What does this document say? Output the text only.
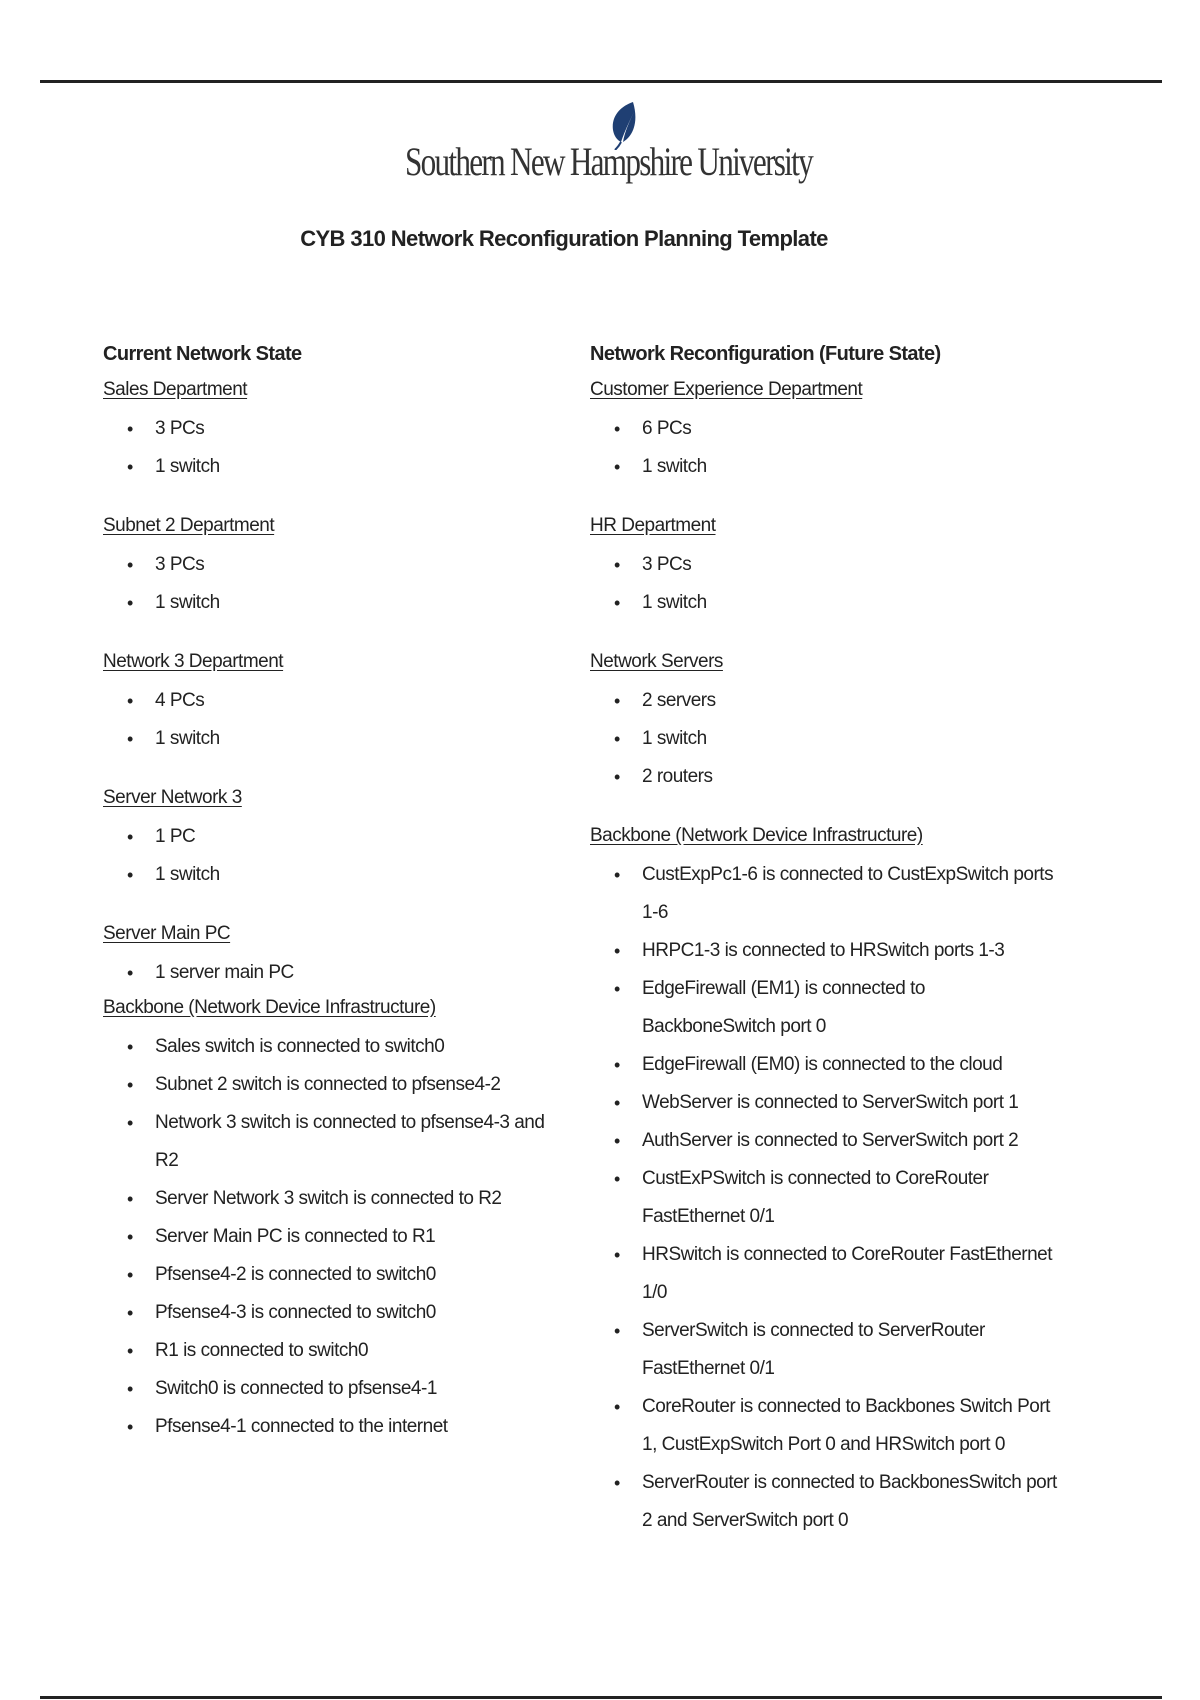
Southern New Hampshire University
CYB 310 Network Reconfiguration Planning Template
Current Network State
Sales Department
• 3 PCs
• 1 switch
Subnet 2 Department
• 3 PCs
• 1 switch
Network 3 Department
• 4 PCs
• 1 switch
Server Network 3
• 1 PC
• 1 switch
Server Main PC
• 1 server main PC
Backbone (Network Device Infrastructure)
• Sales switch is connected to switch0
• Subnet 2 switch is connected to pfsense4-2
• Network 3 switch is connected to pfsense4-3 and R2
• Server Network 3 switch is connected to R2
• Server Main PC is connected to R1
• Pfsense4-2 is connected to switch0
• Pfsense4-3 is connected to switch0
• R1 is connected to switch0
• Switch0 is connected to pfsense4-1
• Pfsense4-1 connected to the internet
Network Reconfiguration (Future State)
Customer Experience Department
• 6 PCs
• 1 switch
HR Department
• 3 PCs
• 1 switch
Network Servers
• 2 servers
• 1 switch
• 2 routers
Backbone (Network Device Infrastructure)
• CustExpPc1-6 is connected to CustExpSwitch ports 1-6
• HRPC1-3 is connected to HRSwitch ports 1-3
• EdgeFirewall (EM1) is connected to BackboneSwitch port 0
• EdgeFirewall (EM0) is connected to the cloud
• WebServer is connected to ServerSwitch port 1
• AuthServer is connected to ServerSwitch port 2
• CustExPSwitch is connected to CoreRouter FastEthernet 0/1
• HRSwitch is connected to CoreRouter FastEthernet 1/0
• ServerSwitch is connected to ServerRouter FastEthernet 0/1
• CoreRouter is connected to Backbones Switch Port 1, CustExpSwitch Port 0 and HRSwitch port 0
• ServerRouter is connected to BackbonesSwitch port 2 and ServerSwitch port 0
